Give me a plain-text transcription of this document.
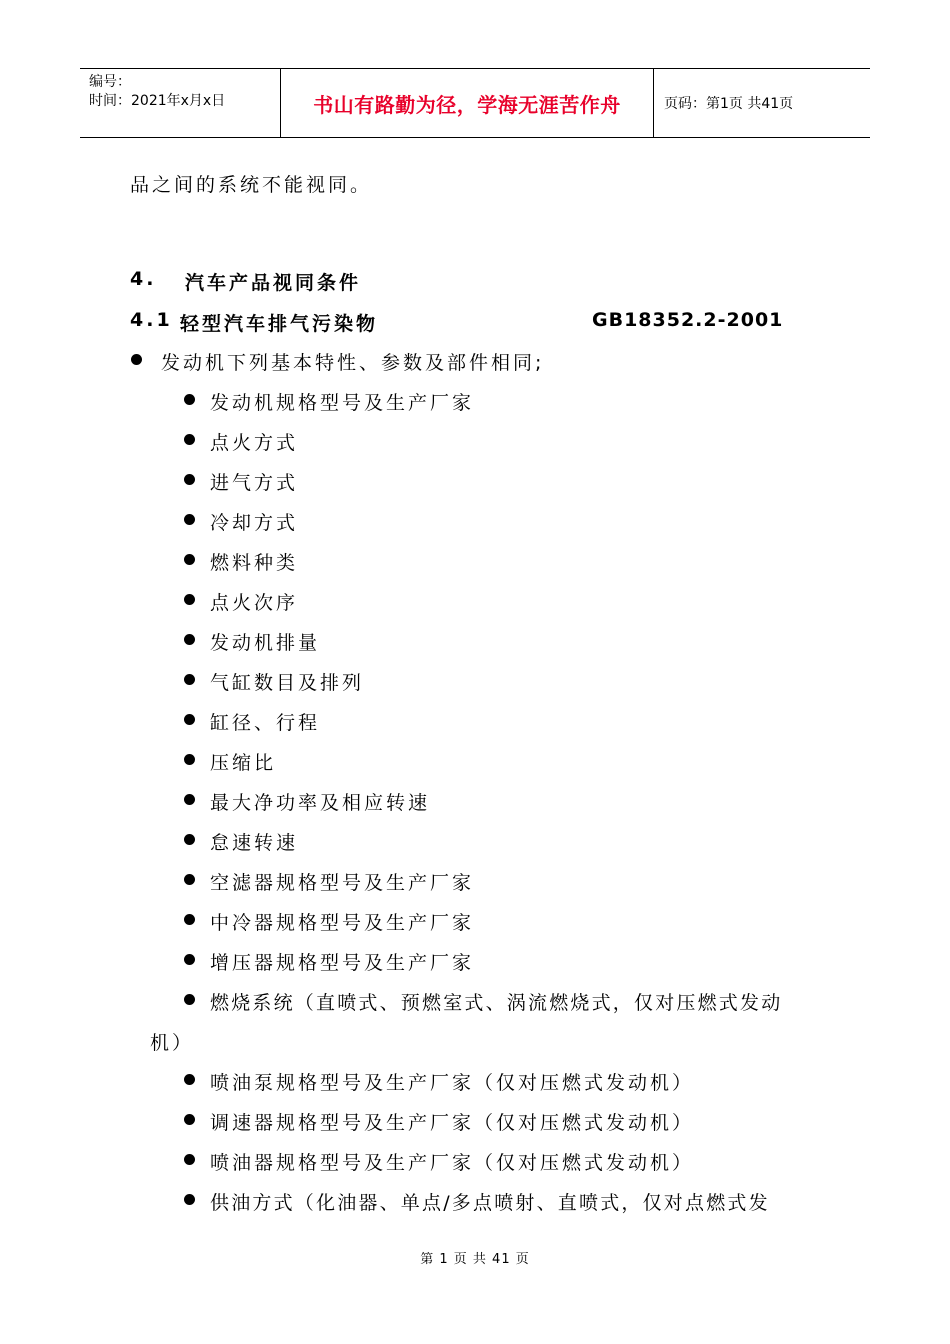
编号：
时间：2021年x月x日	书山有路勤为径，学海无涯苦作舟	页码：第1页 共41页
品之间的系统不能视同。
4. 汽车产品视同条件
4.1 轻型汽车排气污染物	GB18352.2-2001
发动机下列基本特性、参数及部件相同;
发动机规格型号及生产厂家
点火方式
进气方式
冷却方式
燃料种类
点火次序
发动机排量
气缸数目及排列
缸径、行程
压缩比
最大净功率及相应转速
怠速转速
空滤器规格型号及生产厂家
中冷器规格型号及生产厂家
增压器规格型号及生产厂家
燃烧系统（直喷式、预燃室式、涡流燃烧式，仅对压燃式发动
机）
喷油泵规格型号及生产厂家（仅对压燃式发动机）
调速器规格型号及生产厂家（仅对压燃式发动机）
喷油器规格型号及生产厂家（仅对压燃式发动机）
供油方式（化油器、单点/多点喷射、直喷式，仅对点燃式发
第 1 页 共 41 页
